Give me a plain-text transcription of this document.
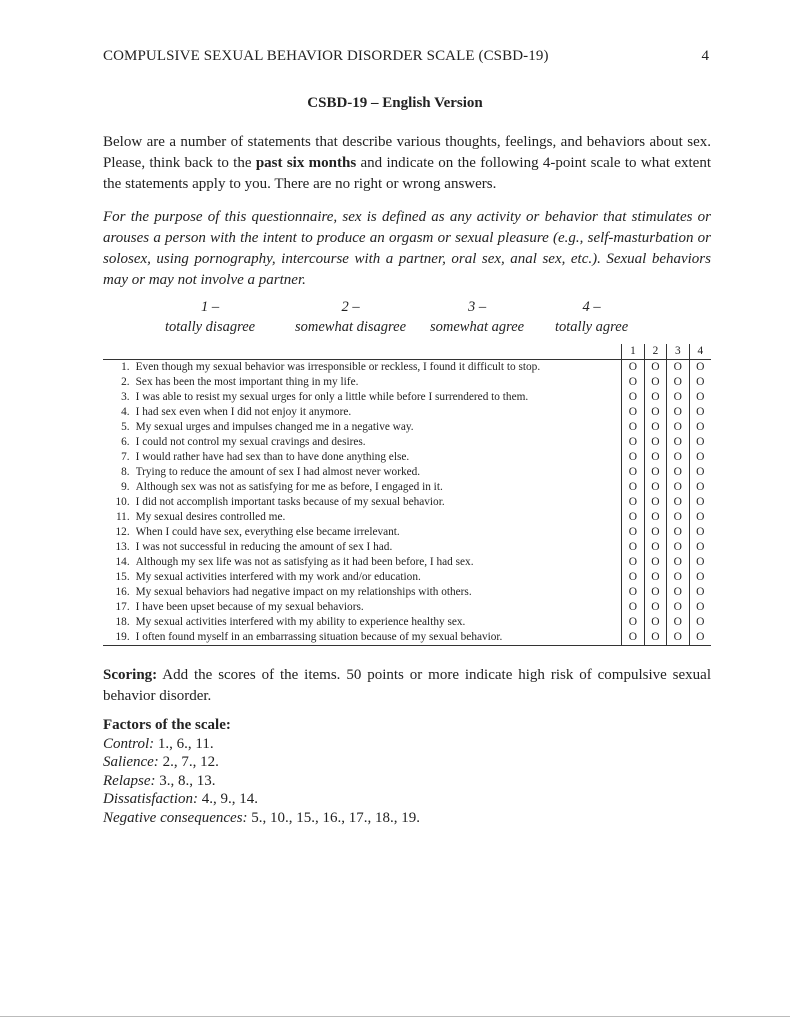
COMPULSIVE SEXUAL BEHAVIOR DISORDER SCALE (CSBD-19)	4
CSBD-19 – English Version

Below are a number of statements that describe various thoughts, feelings, and behaviors about sex. Please, think back to the past six months and indicate on the following 4-point scale to what extent the statements apply to you. There are no right or wrong answers.

For the purpose of this questionnaire, sex is defined as any activity or behavior that stimulates or arouses a person with the intent to produce an orgasm or sexual pleasure (e.g., self-masturbation or solosex, using pornography, intercourse with a partner, oral sex, anal sex, etc.). Sexual behaviors may or may not involve a partner.

1 –
totally disagree
2 –
somewhat disagree
3 –
somewhat agree
4 –
totally agree
		1	2	3	4
1.	Even though my sexual behavior was irresponsible or reckless, I found it difficult to stop.	O	O	O	O
2.	Sex has been the most important thing in my life.	O	O	O	O
3.	I was able to resist my sexual urges for only a little while before I surrendered to them.	O	O	O	O
4.	I had sex even when I did not enjoy it anymore.	O	O	O	O
5.	My sexual urges and impulses changed me in a negative way.	O	O	O	O
6.	I could not control my sexual cravings and desires.	O	O	O	O
7.	I would rather have had sex than to have done anything else.	O	O	O	O
8.	Trying to reduce the amount of sex I had almost never worked.	O	O	O	O
9.	Although sex was not as satisfying for me as before, I engaged in it.	O	O	O	O
10.	I did not accomplish important tasks because of my sexual behavior.	O	O	O	O
11.	My sexual desires controlled me.	O	O	O	O
12.	When I could have sex, everything else became irrelevant.	O	O	O	O
13.	I was not successful in reducing the amount of sex I had.	O	O	O	O
14.	Although my sex life was not as satisfying as it had been before, I had sex.	O	O	O	O
15.	My sexual activities interfered with my work and/or education.	O	O	O	O
16.	My sexual behaviors had negative impact on my relationships with others.	O	O	O	O
17.	I have been upset because of my sexual behaviors.	O	O	O	O
18.	My sexual activities interfered with my ability to experience healthy sex.	O	O	O	O
19.	I often found myself in an embarrassing situation because of my sexual behavior.	O	O	O	O

Scoring: Add the scores of the items. 50 points or more indicate high risk of compulsive sexual behavior disorder.

Factors of the scale:
Control: 1., 6., 11.
Salience: 2., 7., 12.
Relapse: 3., 8., 13.
Dissatisfaction: 4., 9., 14.
Negative consequences: 5., 10., 15., 16., 17., 18., 19.
